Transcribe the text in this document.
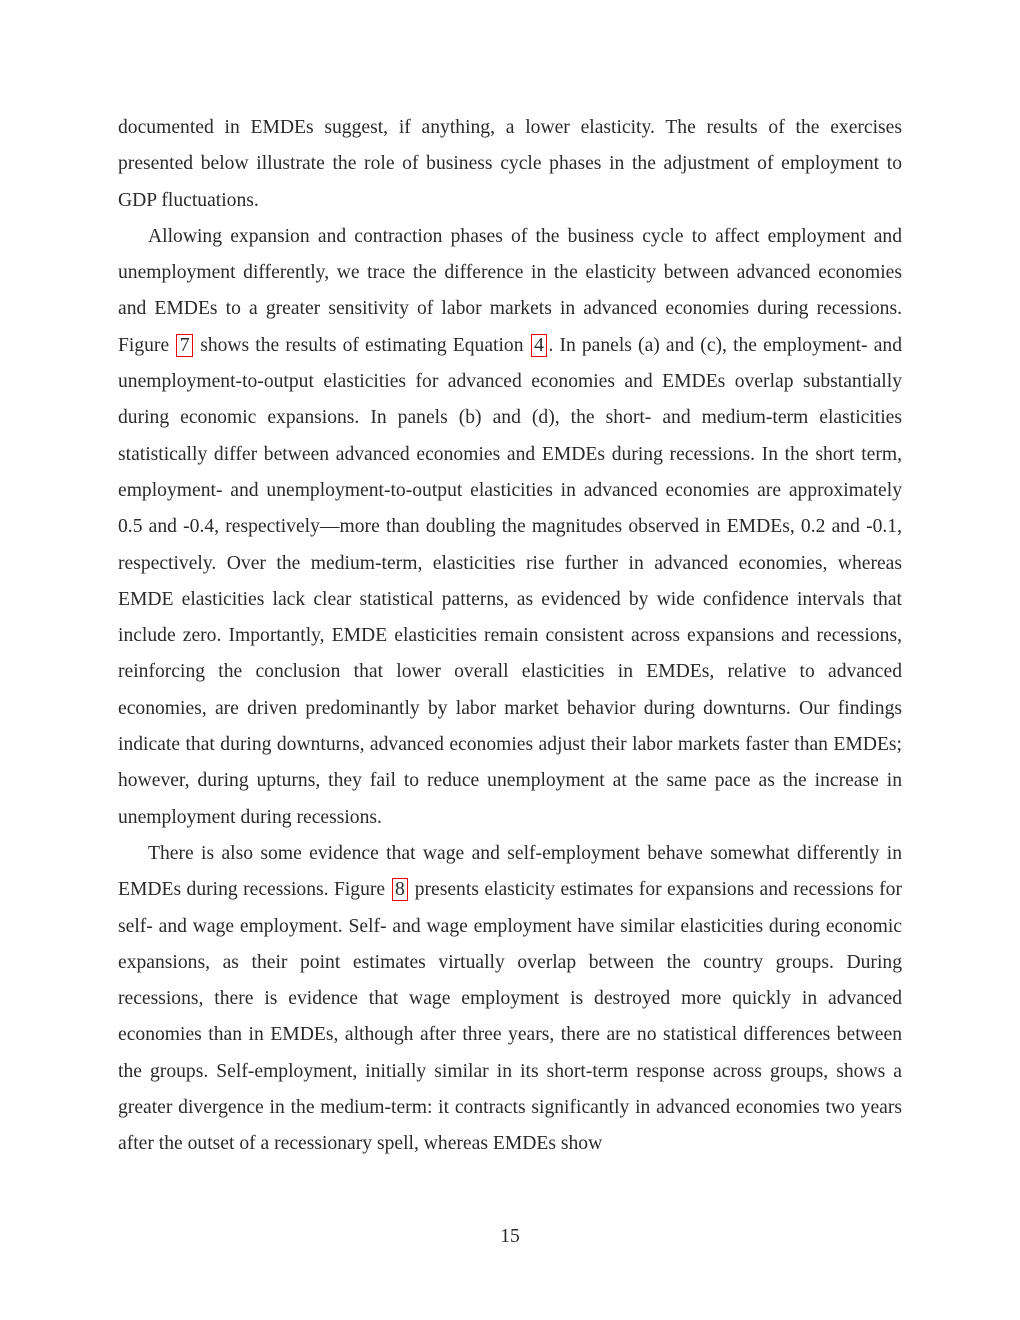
documented in EMDEs suggest, if anything, a lower elasticity. The results of the exercises presented below illustrate the role of business cycle phases in the adjustment of employment to GDP fluctuations.

Allowing expansion and contraction phases of the business cycle to affect employment and unemployment differently, we trace the difference in the elasticity between advanced economies and EMDEs to a greater sensitivity of labor markets in advanced economies during recessions. Figure 7 shows the results of estimating Equation 4 . In panels (a) and (c), the employment- and unemployment-to-output elasticities for advanced economies and EMDEs overlap substantially during economic expansions. In panels (b) and (d), the short- and medium-term elasticities statistically differ between advanced economies and EMDEs during recessions. In the short term, employment- and unemployment-to-output elasticities in advanced economies are approximately 0.5 and -0.4, respectively—more than doubling the magnitudes observed in EMDEs, 0.2 and -0.1, respectively. Over the medium-term, elasticities rise further in advanced economies, whereas EMDE elasticities lack clear statistical patterns, as evidenced by wide confidence intervals that include zero. Importantly, EMDE elasticities remain consistent across expansions and recessions, reinforcing the conclusion that lower overall elasticities in EMDEs, relative to advanced economies, are driven predominantly by labor market behavior during downturns. Our findings indicate that during downturns, advanced economies adjust their labor markets faster than EMDEs; however, during upturns, they fail to reduce unemployment at the same pace as the increase in unemployment during recessions.

There is also some evidence that wage and self-employment behave somewhat differently in EMDEs during recessions. Figure 8 presents elasticity estimates for expansions and recessions for self- and wage employment. Self- and wage employment have similar elasticities during economic expansions, as their point estimates virtually overlap between the country groups. During recessions, there is evidence that wage employment is destroyed more quickly in advanced economies than in EMDEs, although after three years, there are no statistical differences between the groups. Self-employment, initially similar in its short-term response across groups, shows a greater divergence in the medium-term: it contracts significantly in advanced economies two years after the outset of a recessionary spell, whereas EMDEs show

15
